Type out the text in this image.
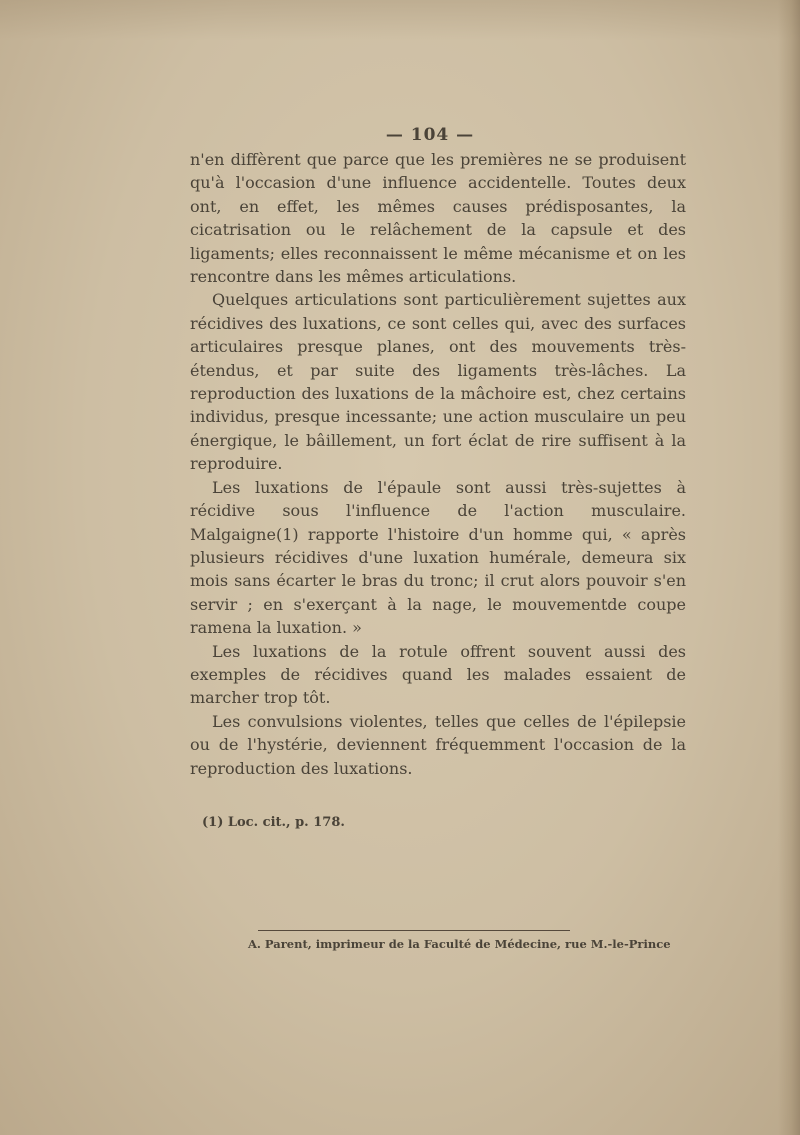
— 104 —

n'en diffèrent que parce que les premières ne se produisent qu'à l'occasion d'une influence accidentelle. Toutes deux ont, en effet, les mêmes causes prédisposantes, la cicatrisation ou le relâchement de la capsule et des ligaments; elles reconnaissent le même mécanisme et on les rencontre dans les mêmes articulations.

Quelques articulations sont particulièrement sujettes aux récidives des luxations, ce sont celles qui, avec des surfaces articulaires presque planes, ont des mouvements très-étendus, et par suite des ligaments très-lâches. La reproduction des luxations de la mâchoire est, chez certains individus, presque incessante; une action musculaire un peu énergique, le bâillement, un fort éclat de rire suffisent à la reproduire.

Les luxations de l'épaule sont aussi très-sujettes à récidive sous l'influence de l'action musculaire. Malgaigne(1) rapporte l'histoire d'un homme qui, « après plusieurs récidives d'une luxation humérale, demeura six mois sans écarter le bras du tronc; il crut alors pouvoir s'en servir ; en s'exerçant à la nage, le mouvementde coupe ramena la luxation. »

Les luxations de la rotule offrent souvent aussi des exemples de récidives quand les malades essaient de marcher trop tôt.

Les convulsions violentes, telles que celles de l'épilepsie ou de l'hystérie, deviennent fréquemment l'occasion de la reproduction des luxations.

(1) Loc. cit., p. 178.
A. Parent, imprimeur de la Faculté de Médecine, rue M.-le-Prince
